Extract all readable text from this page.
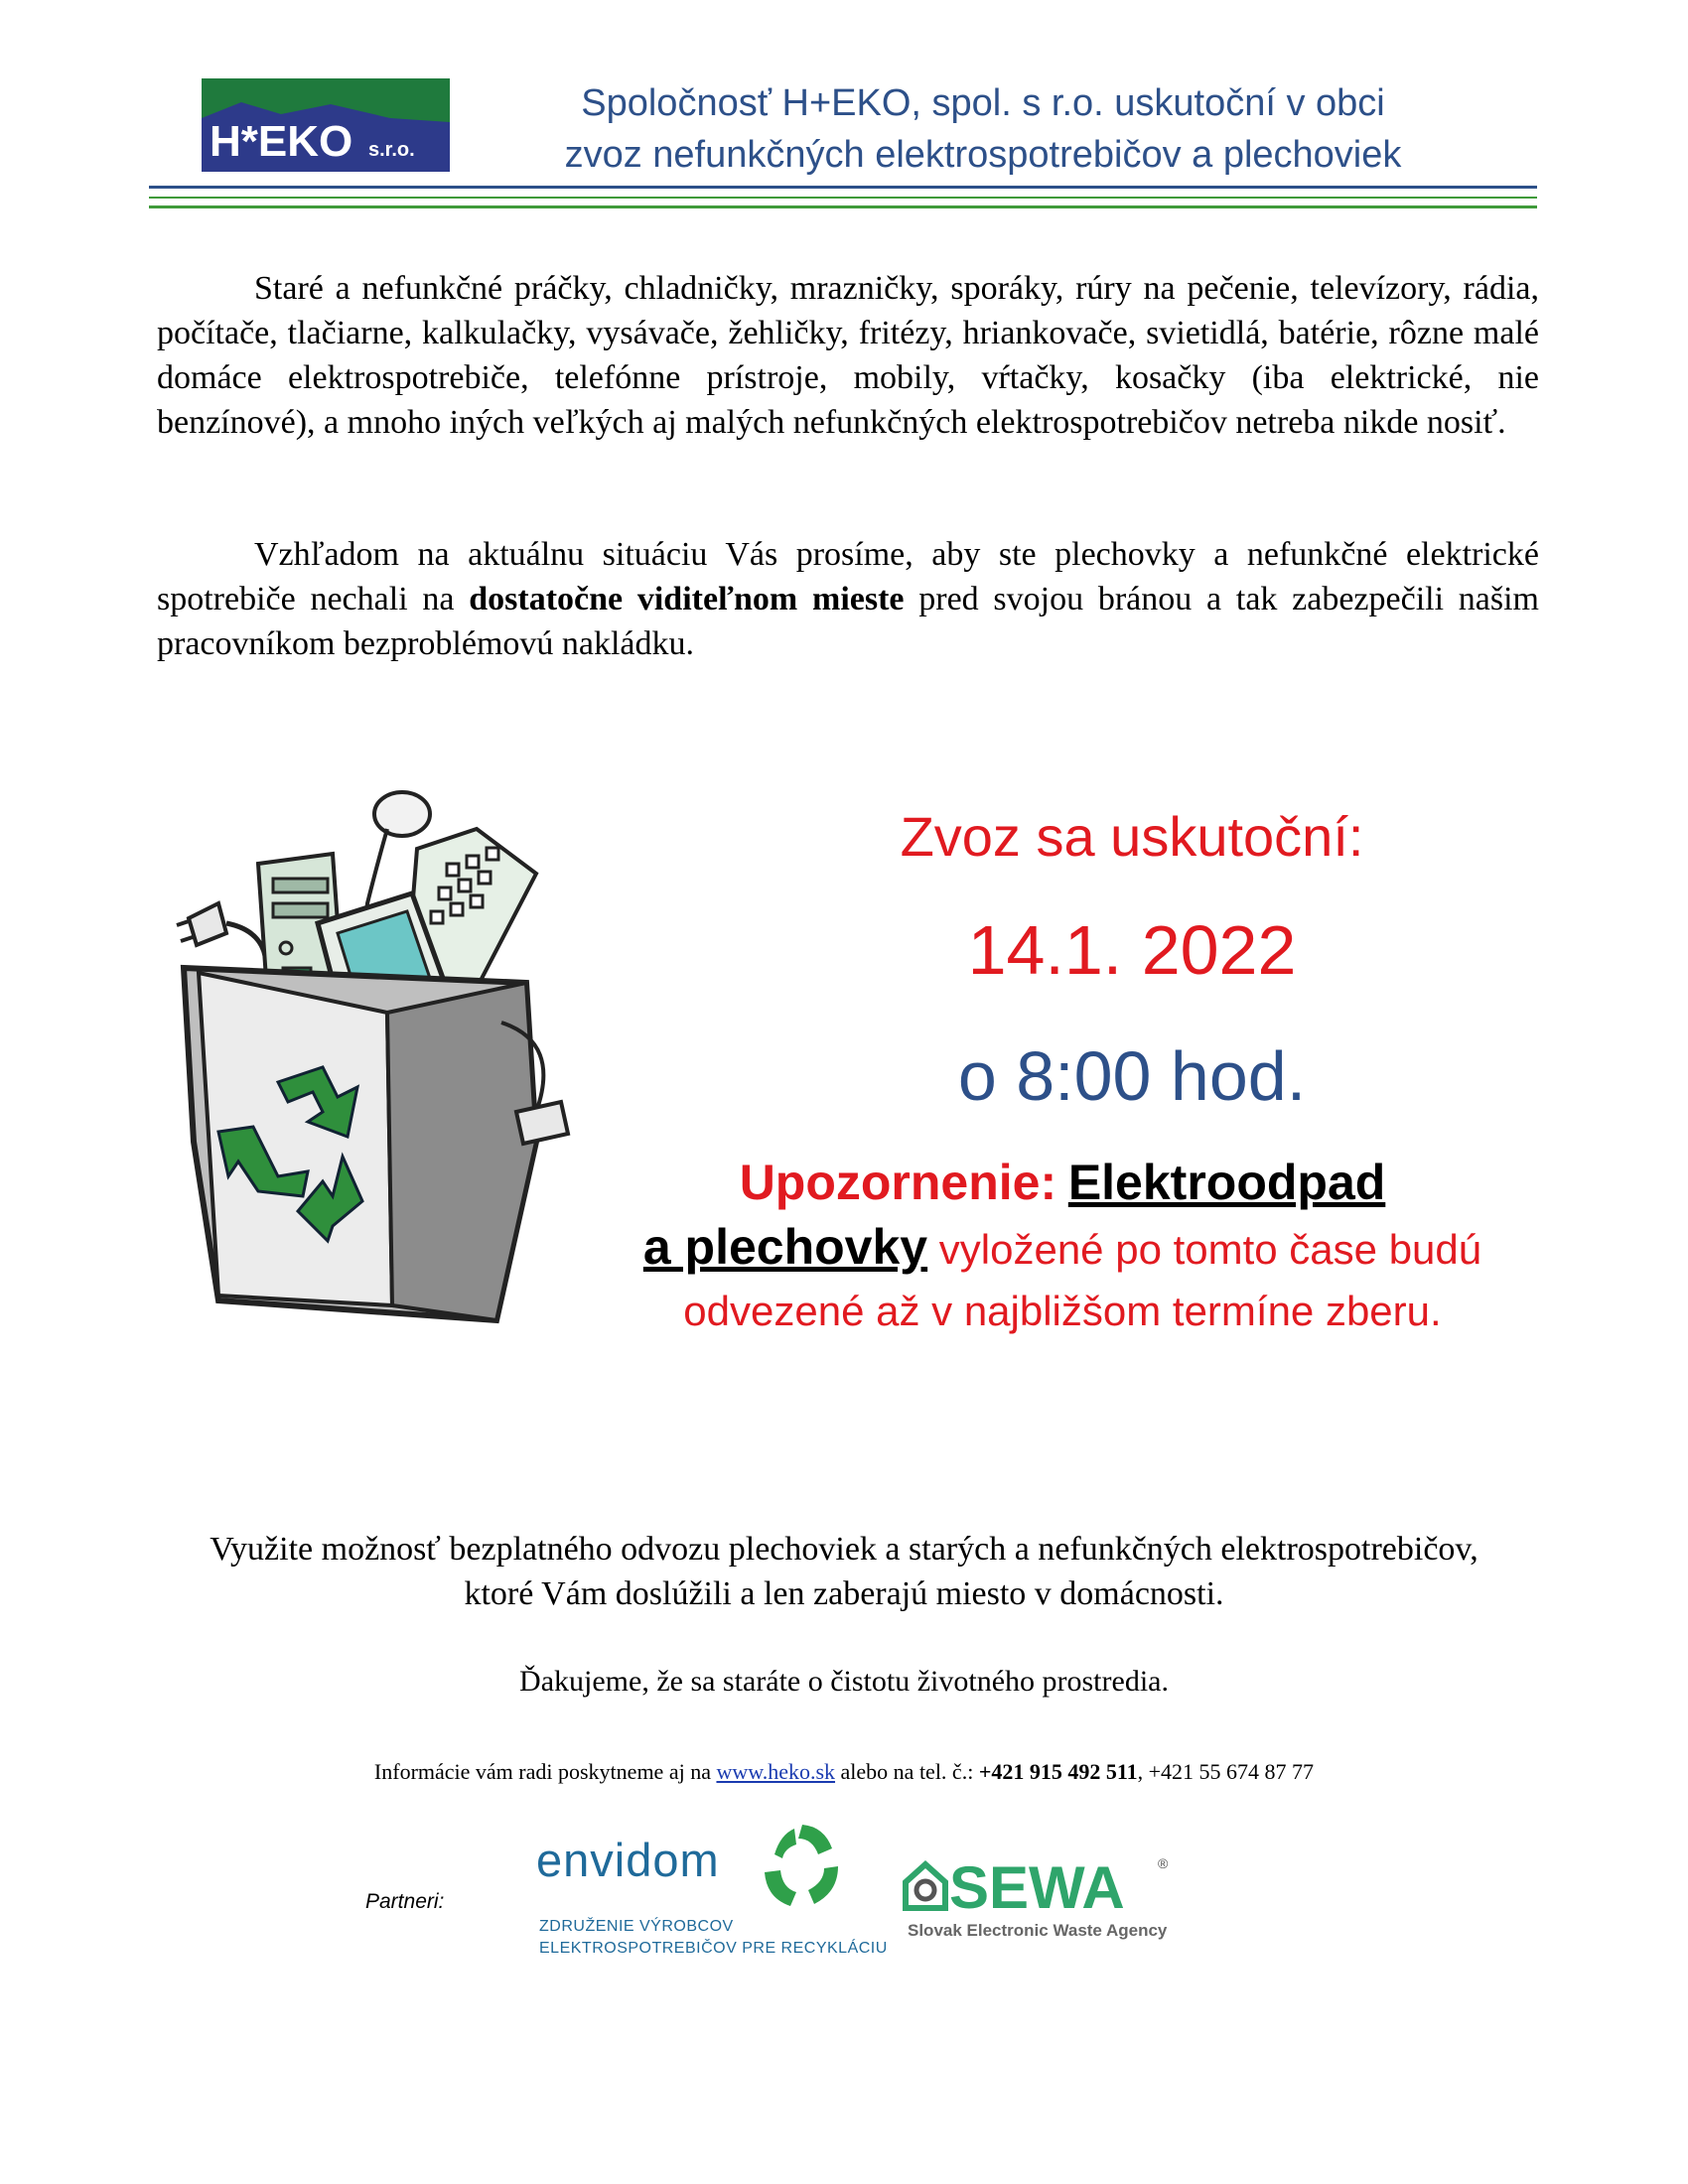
H*EKO s.r.o.
Spoločnosť H+EKO, spol. s r.o. uskutoční v obci
zvoz nefunkčných elektrospotrebičov a plechoviek
Staré a nefunkčné práčky, chladničky, mrazničky, sporáky, rúry na pečenie, televízory, rádia, počítače, tlačiarne, kalkulačky, vysávače, žehličky, fritézy, hriankovače, svietidlá, batérie, rôzne malé domáce elektrospotrebiče, telefónne prístroje, mobily, vŕtačky, kosačky (iba elektrické, nie benzínové), a mnoho iných veľkých aj malých nefunkčných elektrospotrebičov netreba nikde nosiť.
Vzhľadom na aktuálnu situáciu Vás prosíme, aby ste plechovky a nefunkčné elektrické spotrebiče nechali na dostatočne viditeľnom mieste pred svojou bránou a tak zabezpečili našim pracovníkom bezproblémovú nakládku.
Zvoz sa uskutoční:
14.1. 2022
o 8:00 hod.
Upozornenie: Elektroodpad
a plechovky vyložené po tomto čase budú odvezené až v najbližšom termíne zberu.
Využite možnosť bezplatného odvozu plechoviek a starých a nefunkčných elektrospotrebičov, ktoré Vám doslúžili a len zaberajú miesto v domácnosti.
Ďakujeme, že sa staráte o čistotu životného prostredia.
Informácie vám radi poskytneme aj na www.heko.sk alebo na tel. č.: +421 915 492 511, +421 55 674 87 77
Partneri:
envidom
ZDRUŽENIE VÝROBCOV
ELEKTROSPOTREBIČOV PRE RECYKLÁCIU
SEWA ®
Slovak Electronic Waste Agency
